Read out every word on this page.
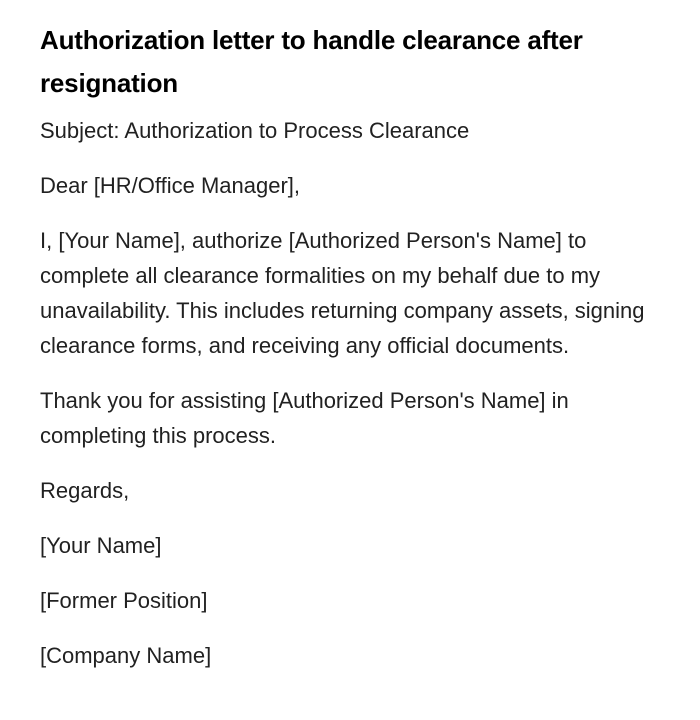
Authorization letter to handle clearance after resignation

Subject: Authorization to Process Clearance

Dear [HR/Office Manager],

I, [Your Name], authorize [Authorized Person's Name] to complete all clearance formalities on my behalf due to my unavailability. This includes returning company assets, signing clearance forms, and receiving any official documents.

Thank you for assisting [Authorized Person's Name] in completing this process.

Regards,

[Your Name]

[Former Position]

[Company Name]
